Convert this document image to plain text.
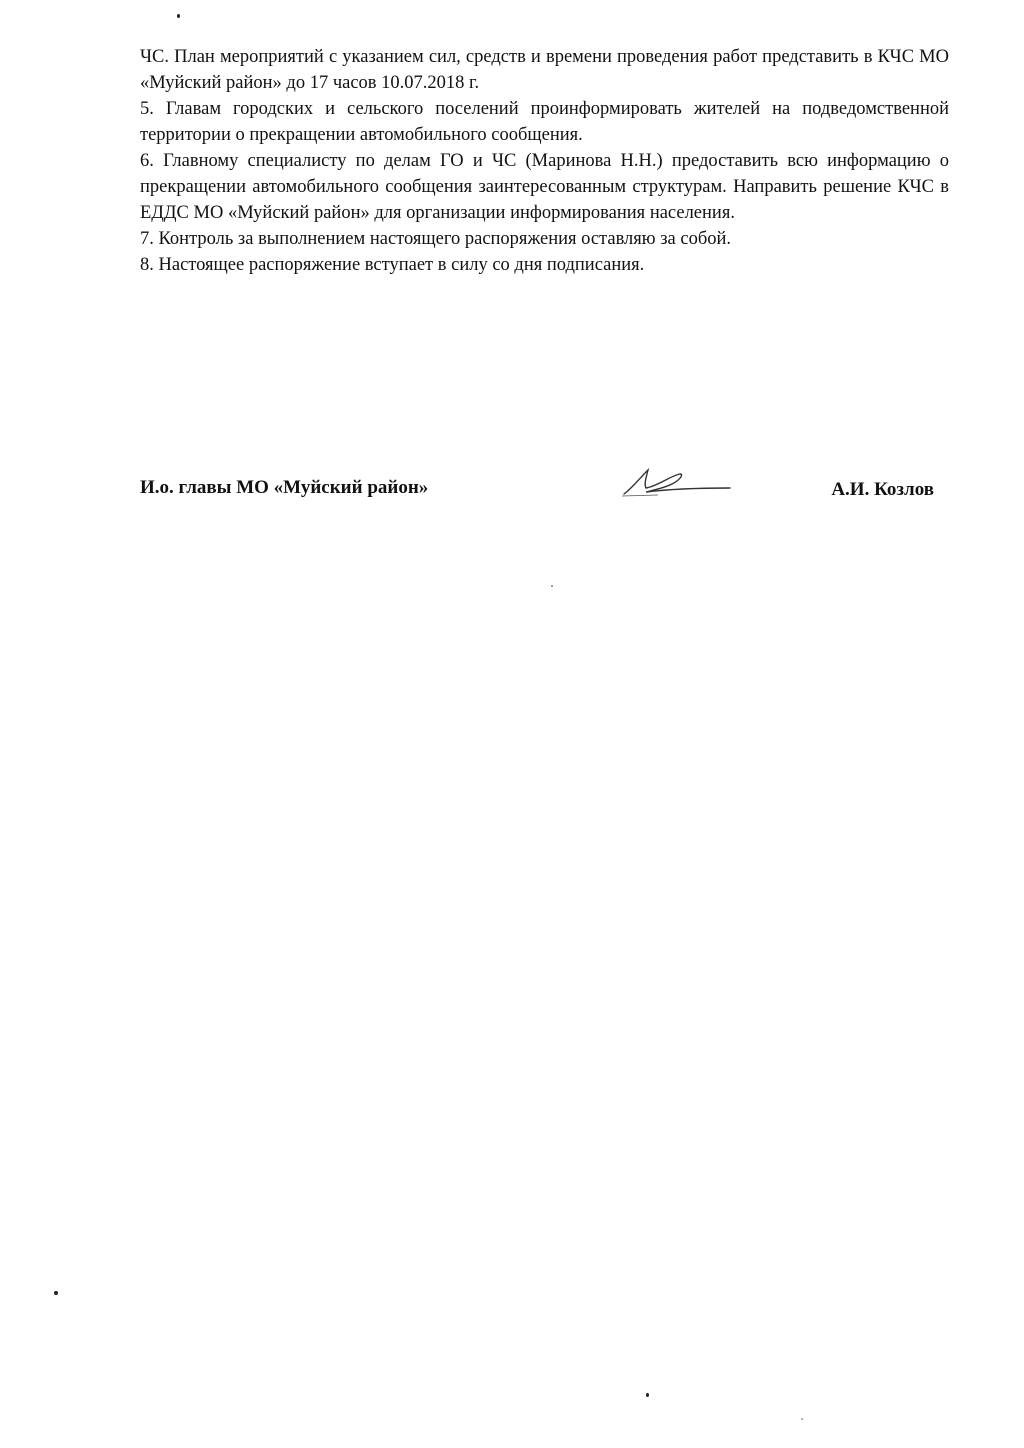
ЧС. План мероприятий с указанием сил, средств и времени проведения работ представить в КЧС МО «Муйский район» до 17 часов 10.07.2018 г.

5. Главам городских и сельского поселений проинформировать жителей на подведомственной территории о прекращении автомобильного сообщения.

6. Главному специалисту по делам ГО и ЧС (Маринова Н.Н.) предоставить всю информацию о прекращении автомобильного сообщения заинтересованным структурам. Направить решение КЧС в ЕДДС МО «Муйский район» для организации информирования населения.

7. Контроль за выполнением настоящего распоряжения оставляю за собой.

8. Настоящее распоряжение вступает в силу со дня подписания.

И.о. главы МО «Муйский район»	А.И. Козлов
